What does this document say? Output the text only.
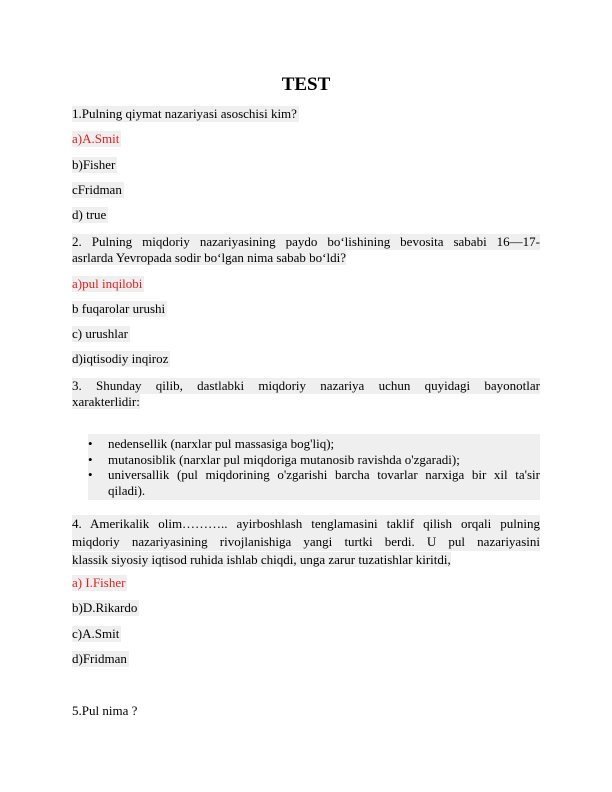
TEST
1.Pulning qiymat nazariyasi asoschisi kim?
a)A.Smit
b)Fisher
cFridman
d) true
2. Pulning miqdoriy nazariyasining paydo bo‘lishining bevosita sababi 16—17-
asrlarda Yevropada sodir bo‘lgan nima sabab bo‘ldi?
a)pul inqilobi
b fuqarolar urushi
c) urushlar
d)iqtisodiy inqiroz
3. Shunday qilib, dastlabki miqdoriy nazariya uchun quyidagi bayonotlar
xarakterlidir:
• nedensellik (narxlar pul massasiga bog'liq);
• mutanosiblik (narxlar pul miqdoriga mutanosib ravishda o'zgaradi);
• universallik (pul miqdorining o'zgarishi barcha tovarlar narxiga bir xil ta'sir qiladi).
4. Amerikalik olim……….. ayirboshlash tenglamasini taklif qilish orqali pulning
miqdoriy nazariyasining rivojlanishiga yangi turtki berdi. U pul nazariyasini
klassik siyosiy iqtisod ruhida ishlab chiqdi, unga zarur tuzatishlar kiritdi,
a) I.Fisher
b)D.Rikardo
c)A.Smit
d)Fridman
5.Pul nima ?
